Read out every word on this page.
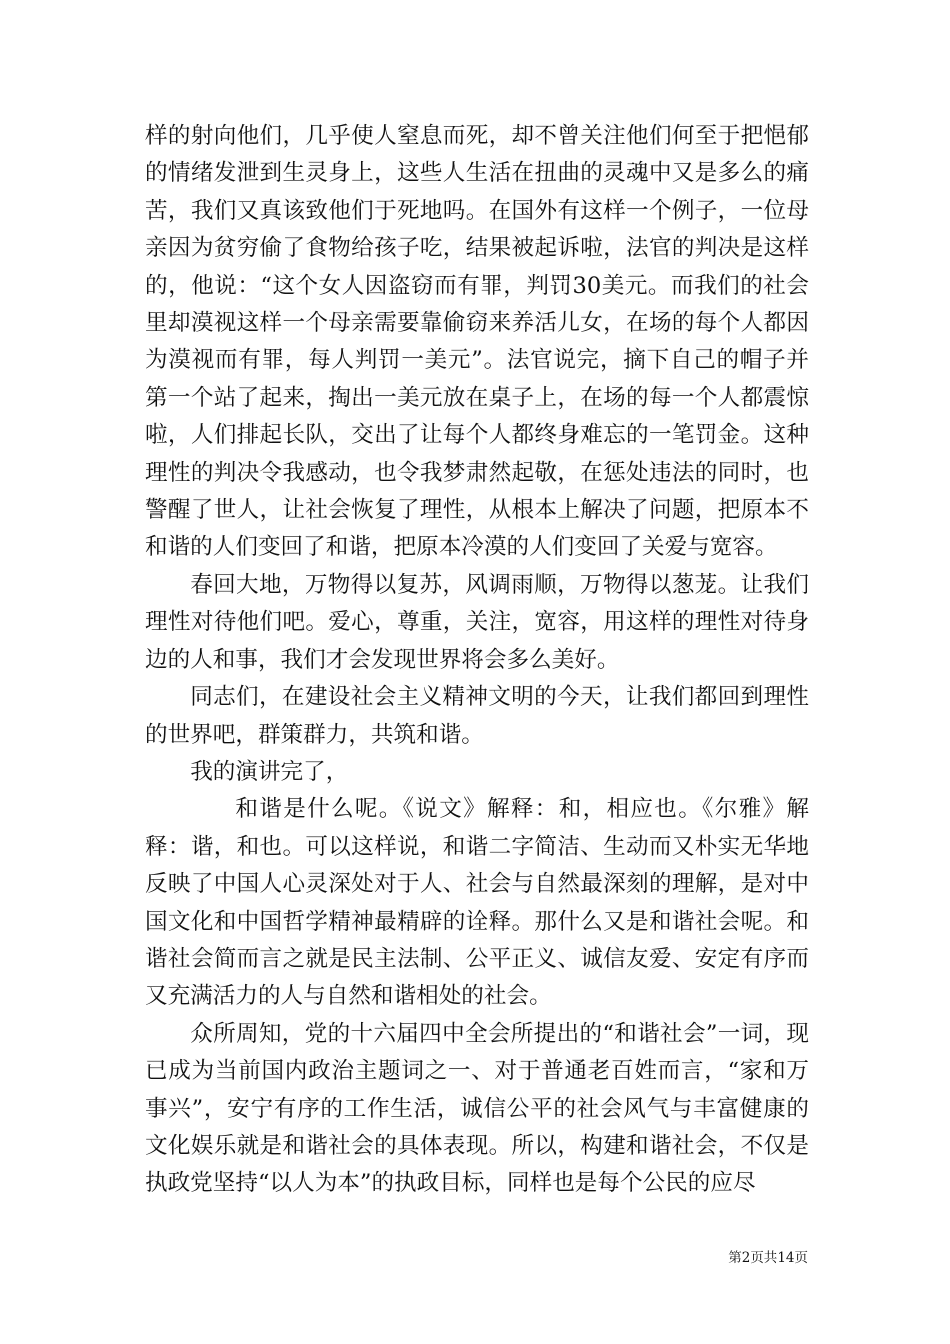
样的射向他们，几乎使人窒息而死，却不曾关注他们何至于把悒郁的情绪发泄到生灵身上，这些人生活在扭曲的灵魂中又是多么的痛苦，我们又真该致他们于死地吗。在国外有这样一个例子，一位母亲因为贫穷偷了食物给孩子吃，结果被起诉啦，法官的判决是这样的，他说：“这个女人因盗窃而有罪，判罚30美元。而我们的社会里却漠视这样一个母亲需要靠偷窃来养活儿女，在场的每个人都因为漠视而有罪，每人判罚一美元”。法官说完，摘下自己的帽子并第一个站了起来，掏出一美元放在桌子上，在场的每一个人都震惊啦，人们排起长队，交出了让每个人都终身难忘的一笔罚金。这种理性的判决令我感动，也令我梦肃然起敬，在惩处违法的同时，也警醒了世人，让社会恢复了理性，从根本上解决了问题，把原本不和谐的人们变回了和谐，把原本冷漠的人们变回了关爱与宽容。

春回大地，万物得以复苏，风调雨顺，万物得以葱茏。让我们理性对待他们吧。爱心，尊重，关注，宽容，用这样的理性对待身边的人和事，我们才会发现世界将会多么美好。

同志们，在建设社会主义精神文明的今天，让我们都回到理性的世界吧，群策群力，共筑和谐。

我的演讲完了，

和谐是什么呢。《说文》解释：和，相应也。《尔雅》解释：谐，和也。可以这样说，和谐二字简洁、生动而又朴实无华地反映了中国人心灵深处对于人、社会与自然最深刻的理解，是对中国文化和中国哲学精神最精辟的诠释。那什么又是和谐社会呢。和谐社会简而言之就是民主法制、公平正义、诚信友爱、安定有序而又充满活力的人与自然和谐相处的社会。

众所周知，党的十六届四中全会所提出的“和谐社会”一词，现已成为当前国内政治主题词之一、对于普通老百姓而言，“家和万事兴”，安宁有序的工作生活，诚信公平的社会风气与丰富健康的文化娱乐就是和谐社会的具体表现。所以，构建和谐社会，不仅是执政党坚持“以人为本”的执政目标，同样也是每个公民的应尽

第2页共14页
